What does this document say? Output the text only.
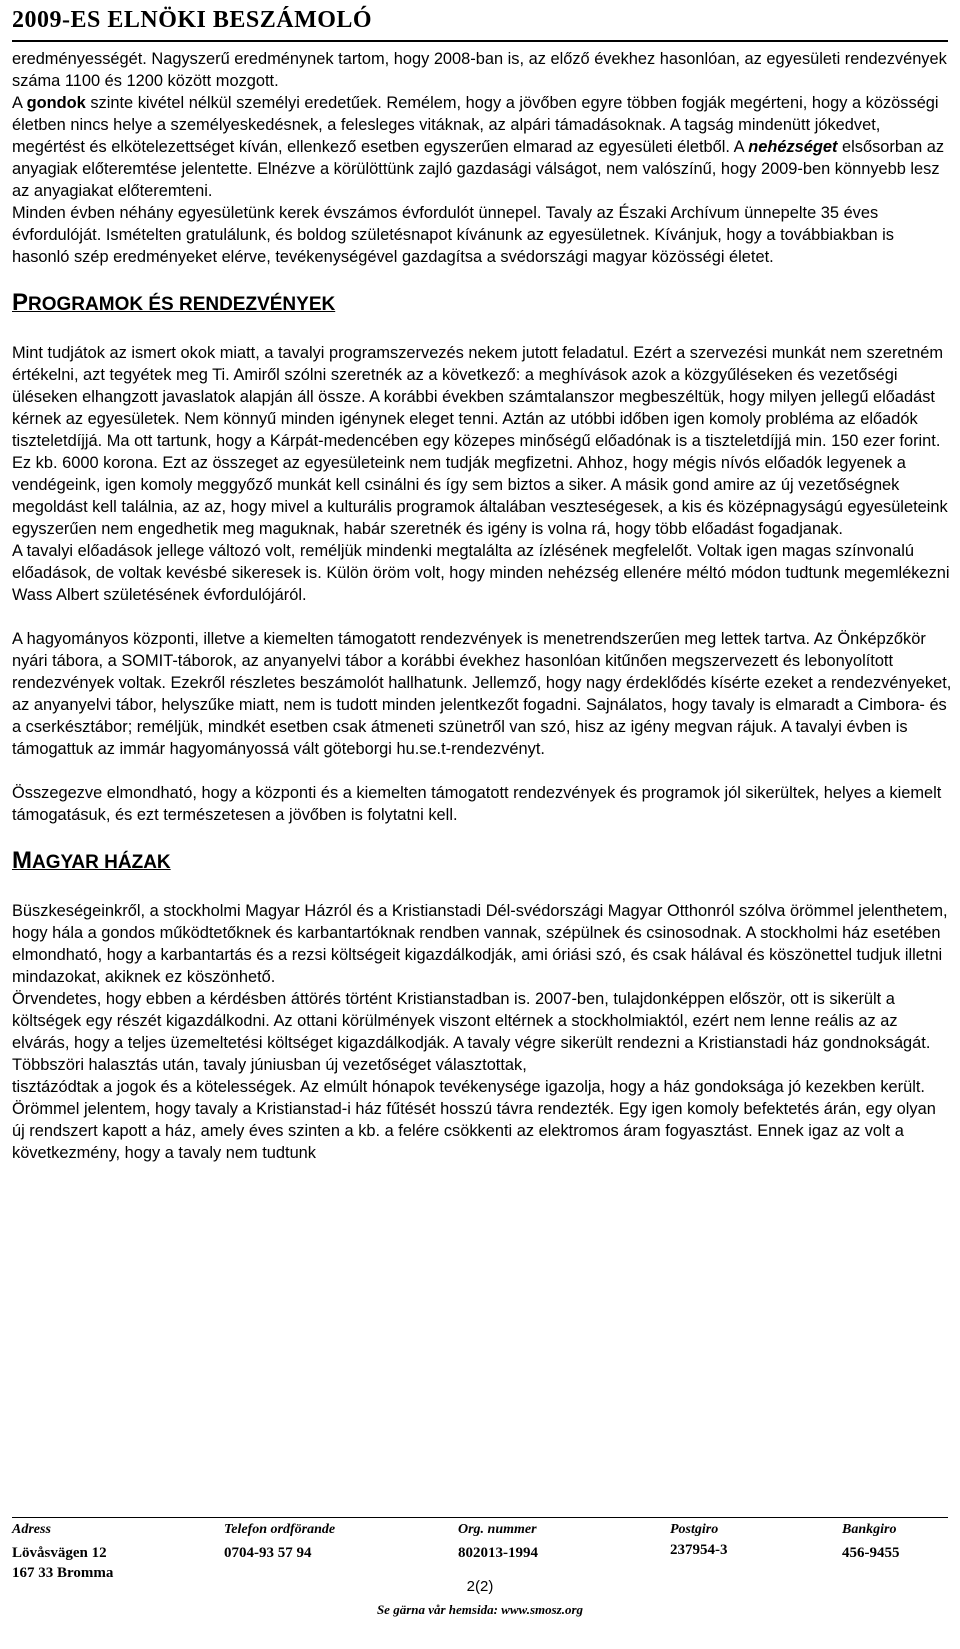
2009-ES ELNÖKI BESZÁMOLÓ

eredményességét. Nagyszerű eredménynek tartom, hogy 2008-ban is, az előző évekhez hasonlóan, az egyesületi rendezvények száma 1100 és 1200 között mozgott.

A gondok szinte kivétel nélkül személyi eredetűek. Remélem, hogy a jövőben egyre többen fogják megérteni, hogy a közösségi életben nincs helye a személyeskedésnek, a felesleges vitáknak, az alpári támadásoknak. A tagság mindenütt jókedvet, megértést és elkötelezettséget kíván, ellenkező esetben egyszerűen elmarad az egyesületi életből. A nehézséget elsősorban az anyagiak előteremtése jelentette. Elnézve a körülöttünk zajló gazdasági válságot, nem valószínű, hogy 2009-ben könnyebb lesz az anyagiakat előteremteni.

Minden évben néhány egyesületünk kerek évszámos évfordulót ünnepel. Tavaly az Északi Archívum ünnepelte 35 éves évfordulóját. Ismételten gratulálunk, és boldog születésnapot kívánunk az egyesületnek. Kívánjuk, hogy a továbbiakban is hasonló szép eredményeket elérve, tevékenységével gazdagítsa a svédországi magyar közösségi életet.

PROGRAMOK ÉS RENDEZVÉNYEK

Mint tudjátok az ismert okok miatt, a tavalyi programszervezés nekem jutott feladatul. Ezért a szervezési munkát nem szeretném értékelni, azt tegyétek meg Ti. Amiről szólni szeretnék az a következő: a meghívások azok a közgyűléseken és vezetőségi üléseken elhangzott javaslatok alapján áll össze. A korábbi években számtalanszor megbeszéltük, hogy milyen jellegű előadást kérnek az egyesületek. Nem könnyű minden igénynek eleget tenni. Aztán az utóbbi időben igen komoly probléma az előadók tiszteletdíjjá. Ma ott tartunk, hogy a Kárpát-medencében egy közepes minőségű előadónak is a tiszteletdíjjá min. 150 ezer forint. Ez kb. 6000 korona. Ezt az összeget az egyesületeink nem tudják megfizetni. Ahhoz, hogy mégis nívós előadók legyenek a vendégeink, igen komoly meggyőző munkát kell csinálni és így sem biztos a siker. A másik gond amire az új vezetőségnek megoldást kell találnia, az az, hogy mivel a kulturális programok általában veszteségesek, a kis és középnagyságú egyesületeink egyszerűen nem engedhetik meg maguknak, habár szeretnék és igény is volna rá, hogy több előadást fogadjanak.

A tavalyi előadások jellege változó volt, reméljük mindenki megtalálta az ízlésének megfelelőt. Voltak igen magas színvonalú előadások, de voltak kevésbé sikeresek is. Külön öröm volt, hogy minden nehézség ellenére méltó módon tudtunk megemlékezni Wass Albert születésének évfordulójáról.

A hagyományos központi, illetve a kiemelten támogatott rendezvények is menetrendszerűen meg lettek tartva. Az Önképzőkör nyári tábora, a SOMIT-táborok, az anyanyelvi tábor a korábbi évekhez hasonlóan kitűnően megszervezett és lebonyolított rendezvények voltak. Ezekről részletes beszámolót hallhatunk. Jellemző, hogy nagy érdeklődés kísérte ezeket a rendezvényeket, az anyanyelvi tábor, helyszűke miatt, nem is tudott minden jelentkezőt fogadni. Sajnálatos, hogy tavaly is elmaradt a Cimbora- és a cserkésztábor; reméljük, mindkét esetben csak átmeneti szünetről van szó, hisz az igény megvan rájuk. A tavalyi évben is támogattuk az immár hagyományossá vált göteborgi hu.se.t-rendezvényt.

Összegezve elmondható, hogy a központi és a kiemelten támogatott rendezvények és programok jól sikerültek, helyes a kiemelt támogatásuk, és ezt természetesen a jövőben is folytatni kell.

MAGYAR HÁZAK

Büszkeségeinkről, a stockholmi Magyar Házról és a Kristianstadi Dél-svédországi Magyar Otthonról szólva örömmel jelenthetem, hogy hála a gondos működtetőknek és karbantartóknak rendben vannak, szépülnek és csinosodnak. A stockholmi ház esetében elmondható, hogy a karbantartás és a rezsi költségeit kigazdálkodják, ami óriási szó, és csak hálával és köszönettel tudjuk illetni mindazokat, akiknek ez köszönhető.

Örvendetes, hogy ebben a kérdésben áttörés történt Kristianstadban is. 2007-ben, tulajdonképpen először, ott is sikerült a költségek egy részét kigazdálkodni. Az ottani körülmények viszont eltérnek a stockholmiaktól, ezért nem lenne reális az az elvárás, hogy a teljes üzemeltetési költséget kigazdálkodják. A tavaly végre sikerült rendezni a Kristianstadi ház gondnokságát. Többszöri halasztás után, tavaly júniusban új vezetőséget választottak,

tisztázódtak a jogok és a kötelességek. Az elmúlt hónapok tevékenysége igazolja, hogy a ház gondoksága jó kezekben került.

Örömmel jelentem, hogy tavaly a Kristianstad-i ház fűtését hosszú távra rendezték. Egy igen komoly befektetés árán, egy olyan új rendszert kapott a ház, amely éves szinten a kb. a felére csökkenti az elektromos áram fogyasztást. Ennek igaz az volt a következmény, hogy a tavaly nem tudtunk

Adress
Lövåsvägen 12
167 33 Bromma
Telefon ordförande
0704-93 57 94
Org. nummer
802013-1994
Postgiro
237954-3
Bankgiro
456-9455
2(2)
Se gärna vår hemsida: www.smosz.org
